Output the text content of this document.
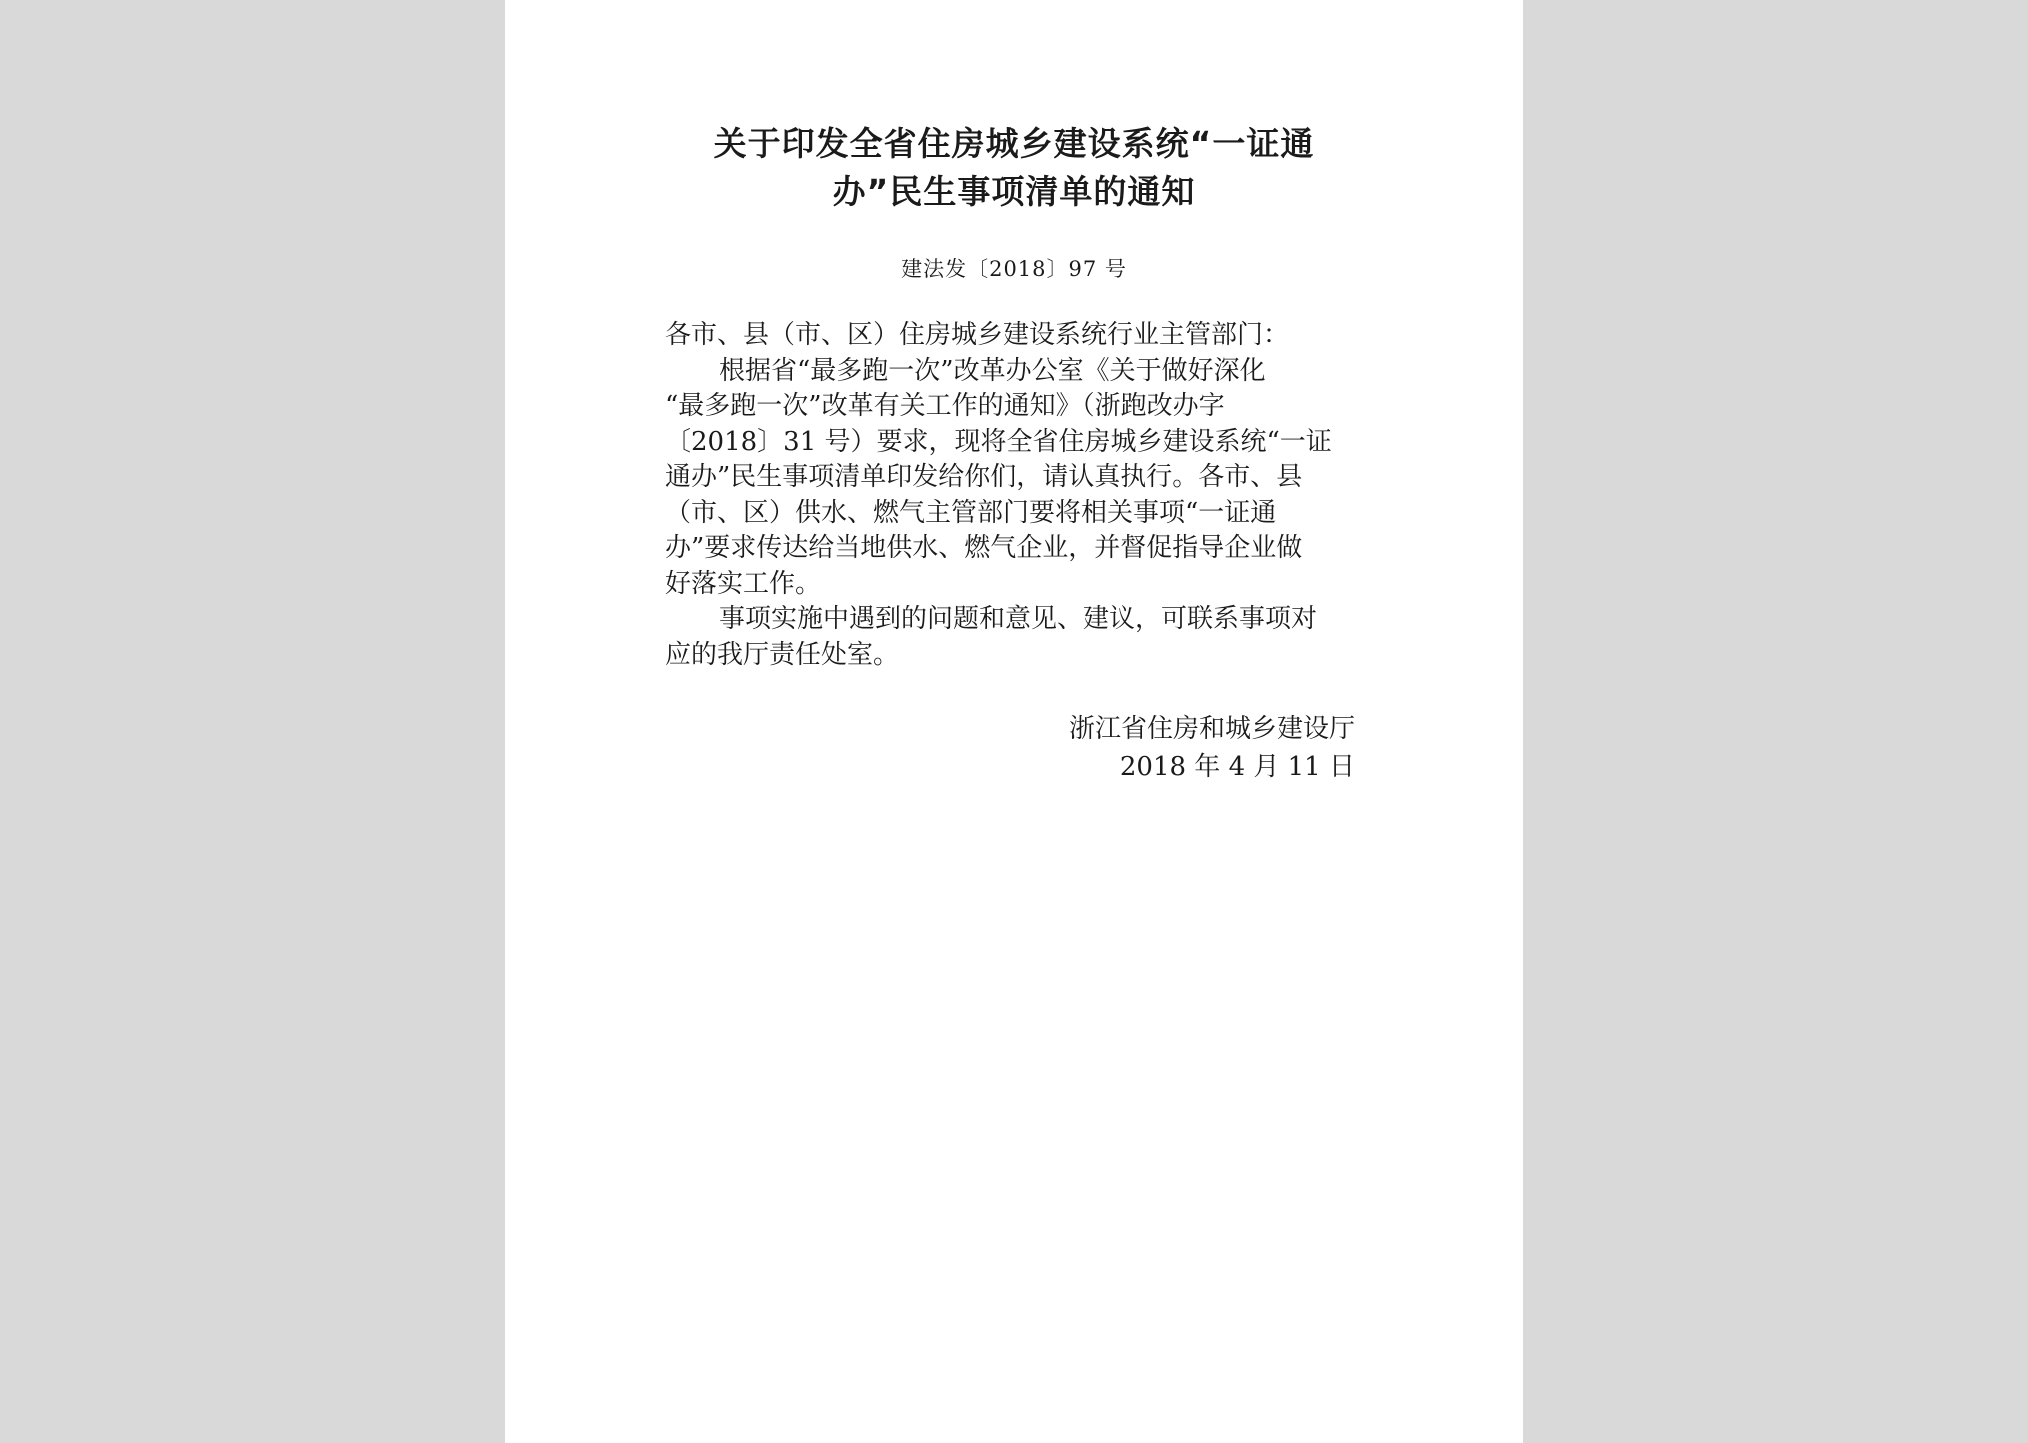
关于印发全省住房城乡建设系统“一证通
办”民生事项清单的通知
建法发〔2018〕97 号
各市、县（市、区）住房城乡建设系统行业主管部门：
根据省“最多跑一次”改革办公室《关于做好深化
“最多跑一次”改革有关工作的通知》（浙跑改办字
〔2018〕31 号）要求，现将全省住房城乡建设系统“一证
通办”民生事项清单印发给你们，请认真执行。各市、县
（市、区）供水、燃气主管部门要将相关事项“一证通
办”要求传达给当地供水、燃气企业，并督促指导企业做
好落实工作。
事项实施中遇到的问题和意见、建议，可联系事项对
应的我厅责任处室。
浙江省住房和城乡建设厅
2018 年 4 月 11 日
